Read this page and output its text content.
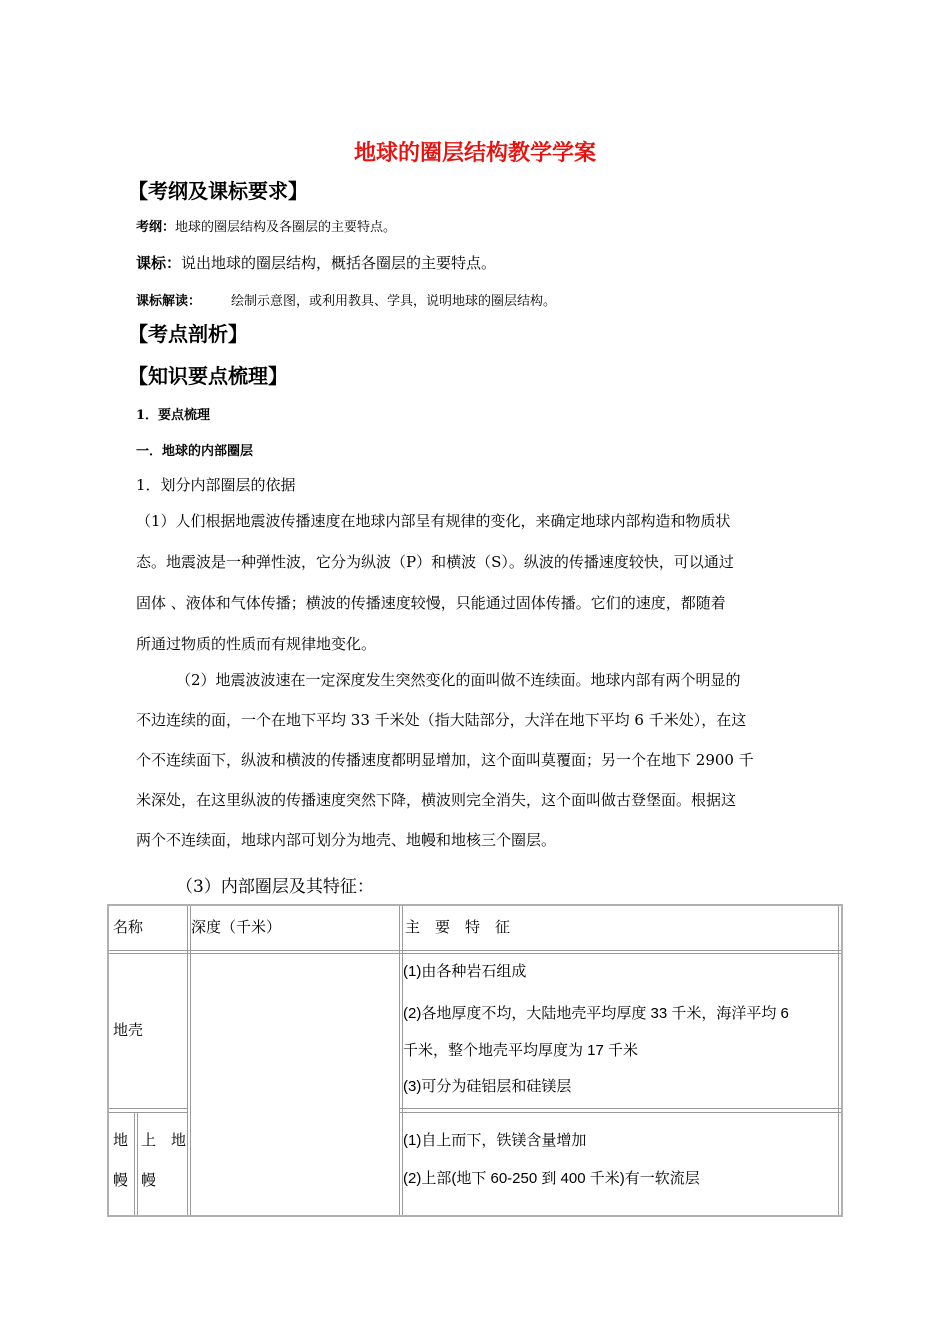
地球的圈层结构教学学案
【考纲及课标要求】
考纲：地球的圈层结构及各圈层的主要特点。
课标：说出地球的圈层结构，概括各圈层的主要特点。
课标解读： 绘制示意图，或利用教具、学具，说明地球的圈层结构。
【考点剖析】
【知识要点梳理】
1．要点梳理
一．地球的内部圈层
1．划分内部圈层的依据
（1）人们根据地震波传播速度在地球内部呈有规律的变化，来确定地球内部构造和物质状
态。地震波是一种弹性波，它分为纵波（P）和横波（S）。纵波的传播速度较快，可以通过
固体 、液体和气体传播；横波的传播速度较慢，只能通过固体传播。它们的速度，都随着
所通过物质的性质而有规律地变化。
（2）地震波波速在一定深度发生突然变化的面叫做不连续面。地球内部有两个明显的
不边连续的面，一个在地下平均 33 千米处（指大陆部分，大洋在地下平均 6 千米处），在这
个不连续面下，纵波和横波的传播速度都明显增加，这个面叫莫覆面；另一个在地下 2900 千
米深处，在这里纵波的传播速度突然下降，横波则完全消失，这个面叫做古登堡面。根据这
两个不连续面，地球内部可划分为地壳、地幔和地核三个圈层。
（3）内部圈层及其特征：
名称	深度（千米）	主　要　特　征
地壳
(1)由各种岩石组成
(2)各地厚度不均，大陆地壳平均厚度 33 千米，海洋平均 6
千米，整个地壳平均厚度为 17 千米
(3)可分为硅铝层和硅镁层
地
幔
上　地
幔
(1)自上而下，铁镁含量增加
(2)上部(地下 60-250 到 400 千米)有一软流层
